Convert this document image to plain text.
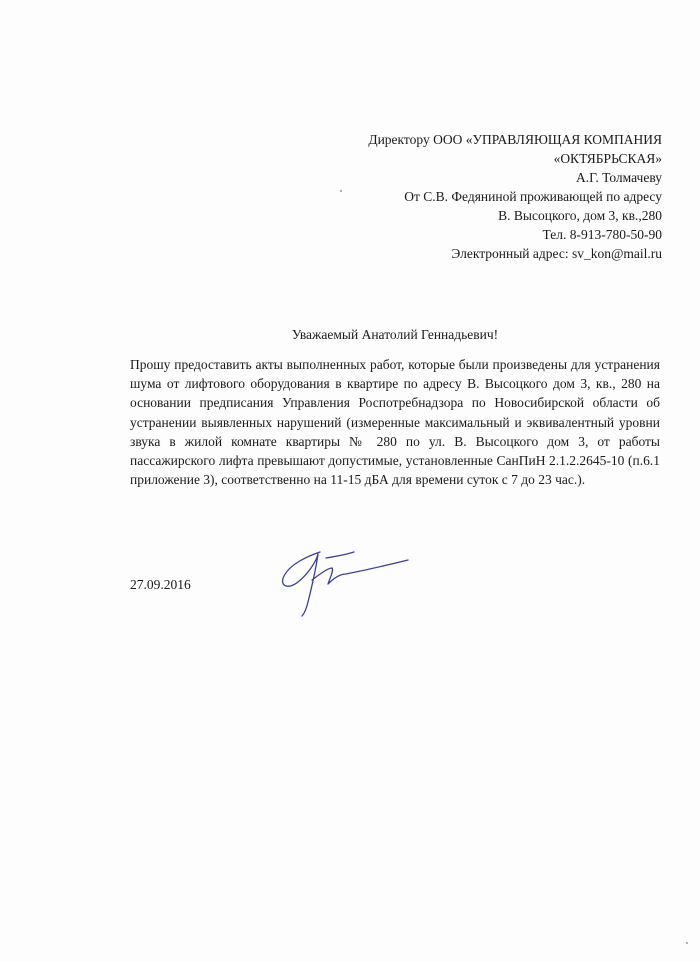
Директору ООО «УПРАВЛЯЮЩАЯ КОМПАНИЯ
«ОКТЯБРЬСКАЯ»
А.Г. Толмачеву
От С.В. Федяниной проживающей по адресу
В. Высоцкого, дом 3, кв.,280
Тел. 8-913-780-50-90
Электронный адрес: sv_kon@mail.ru
Уважаемый Анатолий Геннадьевич!

Прошу предоставить акты выполненных работ, которые были произведены для устранения шума от лифтового оборудования в квартире по адресу В. Высоцкого дом 3, кв., 280 на основании предписания Управления Роспотребнадзора по Новосибирской области об устранении выявленных нарушений (измеренные максимальный и эквивалентный уровни звука в жилой комнате квартиры № 280 по ул. В. Высоцкого дом 3, от работы пассажирского лифта превышают допустимые, установленные СанПиН 2.1.2.2645-10 (п.6.1 приложение 3), соответственно на 11-15 дБА для времени суток с 7 до 23 час.).

27.09.2016
